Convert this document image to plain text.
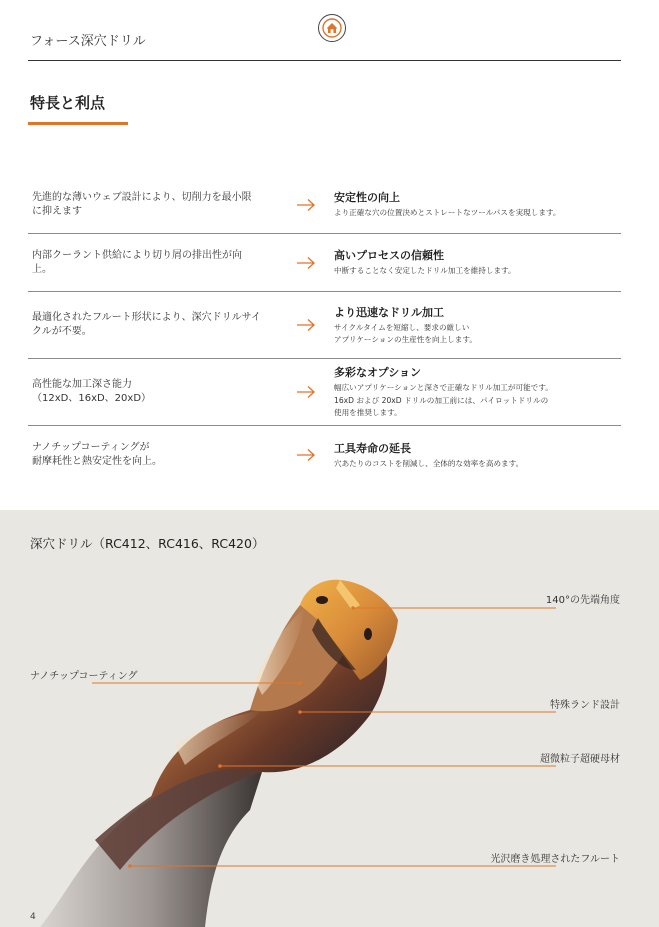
フォース深穴ドリル
特長と利点
先進的な薄いウェブ設計により、切削力を最小限
に抑えます
安定性の向上
より正確な穴の位置決めとストレートなツールパスを実現します。
内部クーラント供給により切り屑の排出性が向
上。
高いプロセスの信頼性
中断することなく安定したドリル加工を維持します。
最適化されたフルート形状により、深穴ドリルサイ
クルが不要。
より迅速なドリル加工
サイクルタイムを短縮し、要求の厳しい
アプリケーションの生産性を向上します。
高性能な加工深さ能力
（12xD、16xD、20xD）
多彩なオプション
幅広いアプリケーションと深さで正確なドリル加工が可能です。
16xD および 20xD ドリルの加工前には、パイロットドリルの
使用を推奨します。
ナノチップコーティングが
耐摩耗性と熱安定性を向上。
工具寿命の延長
穴あたりのコストを削減し、全体的な効率を高めます。
深穴ドリル（RC412、RC416、RC420）
140°の先端角度
ナノチップコーティング
特殊ランド設計
超微粒子超硬母材
光沢磨き処理されたフルート
4
